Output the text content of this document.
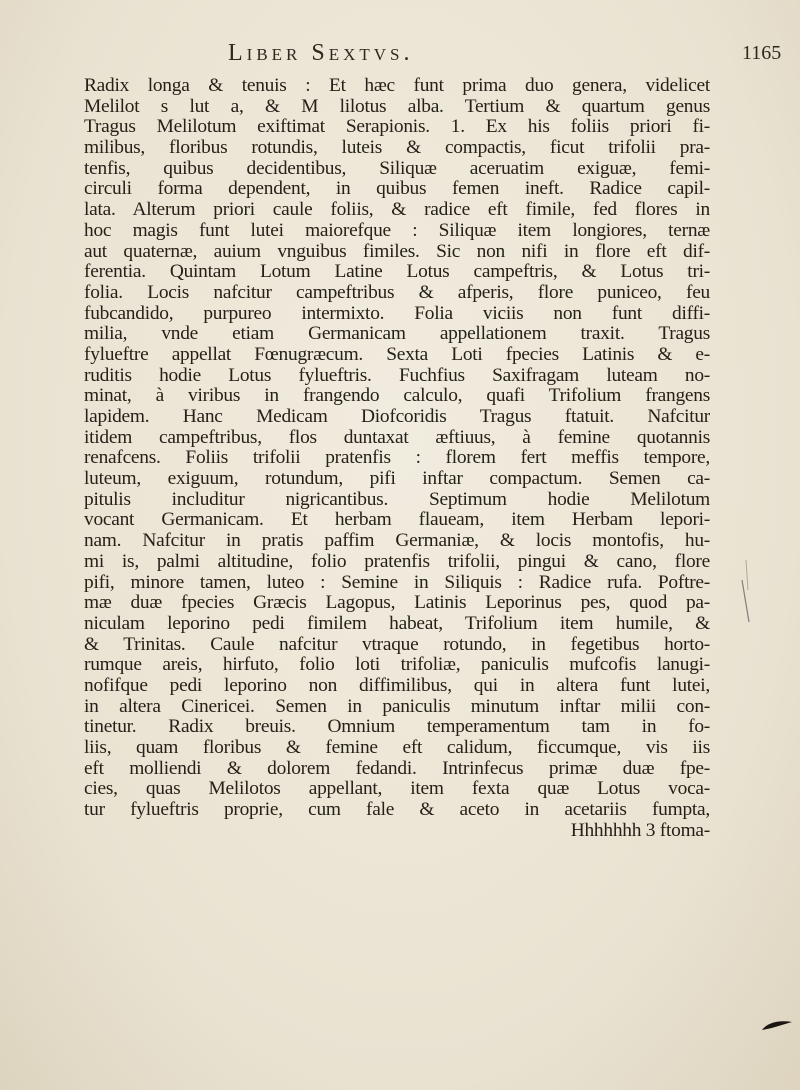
Liber Sextvs.	1165
Radix longa & tenuis : Et hæc funt prima duo genera, videlicet
Melilot s lut a, & M lilotus alba. Tertium & quartum genus
Tragus Melilotum exiftimat Serapionis. 1. Ex his foliis priori fi-
milibus, floribus rotundis, luteis & compactis, ficut trifolii pra-
tenfis, quibus decidentibus, Siliquæ aceruatim exiguæ, femi-
circuli forma dependent, in quibus femen ineft. Radice capil-
lata. Alterum priori caule foliis, & radice eft fimile, fed flores in
hoc magis funt lutei maiorefque : Siliquæ item longiores, ternæ
aut quaternæ, auium vnguibus fimiles. Sic non nifi in flore eft dif-
ferentia. Quintam Lotum Latine Lotus campeftris, & Lotus tri-
folia. Locis nafcitur campeftribus & afperis, flore puniceo, feu
fubcandido, purpureo intermixto. Folia viciis non funt diffi-
milia, vnde etiam Germanicam appellationem traxit. Tragus
fylueftre appellat Fœnugræcum. Sexta Loti fpecies Latinis & e-
ruditis hodie Lotus fylueftris. Fuchfius Saxifragam luteam no-
minat, à viribus in frangendo calculo, quafi Trifolium frangens
lapidem. Hanc Medicam Diofcoridis Tragus ftatuit. Nafcitur
itidem campeftribus, flos duntaxat æftiuus, à femine quotannis
renafcens. Foliis trifolii pratenfis : florem fert meffis tempore,
luteum, exiguum, rotundum, pifi inftar compactum. Semen ca-
pitulis includitur nigricantibus. Septimum hodie Melilotum
vocant Germanicam. Et herbam flaueam, item Herbam lepori-
nam. Nafcitur in pratis paffim Germaniæ, & locis montofis, hu-
mi is, palmi altitudine, folio pratenfis trifolii, pingui & cano, flore
pifi, minore tamen, luteo : Semine in Siliquis : Radice rufa. Poftre-
mæ duæ fpecies Græcis Lagopus, Latinis Leporinus pes, quod pa-
niculam leporino pedi fimilem habeat, Trifolium item humile, &
& Trinitas. Caule nafcitur vtraque rotundo, in fegetibus horto-
rumque areis, hirfuto, folio loti trifoliæ, paniculis mufcofis lanugi-
nofifque pedi leporino non diffimilibus, qui in altera funt lutei,
in altera Cinericei. Semen in paniculis minutum inftar milii con-
tinetur. Radix breuis. Omnium temperamentum tam in fo-
liis, quam floribus & femine eft calidum, ficcumque, vis iis
eft molliendi & dolorem fedandi. Intrinfecus primæ duæ fpe-
cies, quas Melilotos appellant, item fexta quæ Lotus voca-
tur fylueftris proprie, cum fale & aceto in acetariis fumpta,
Hhhhhhh 3 ftoma-
